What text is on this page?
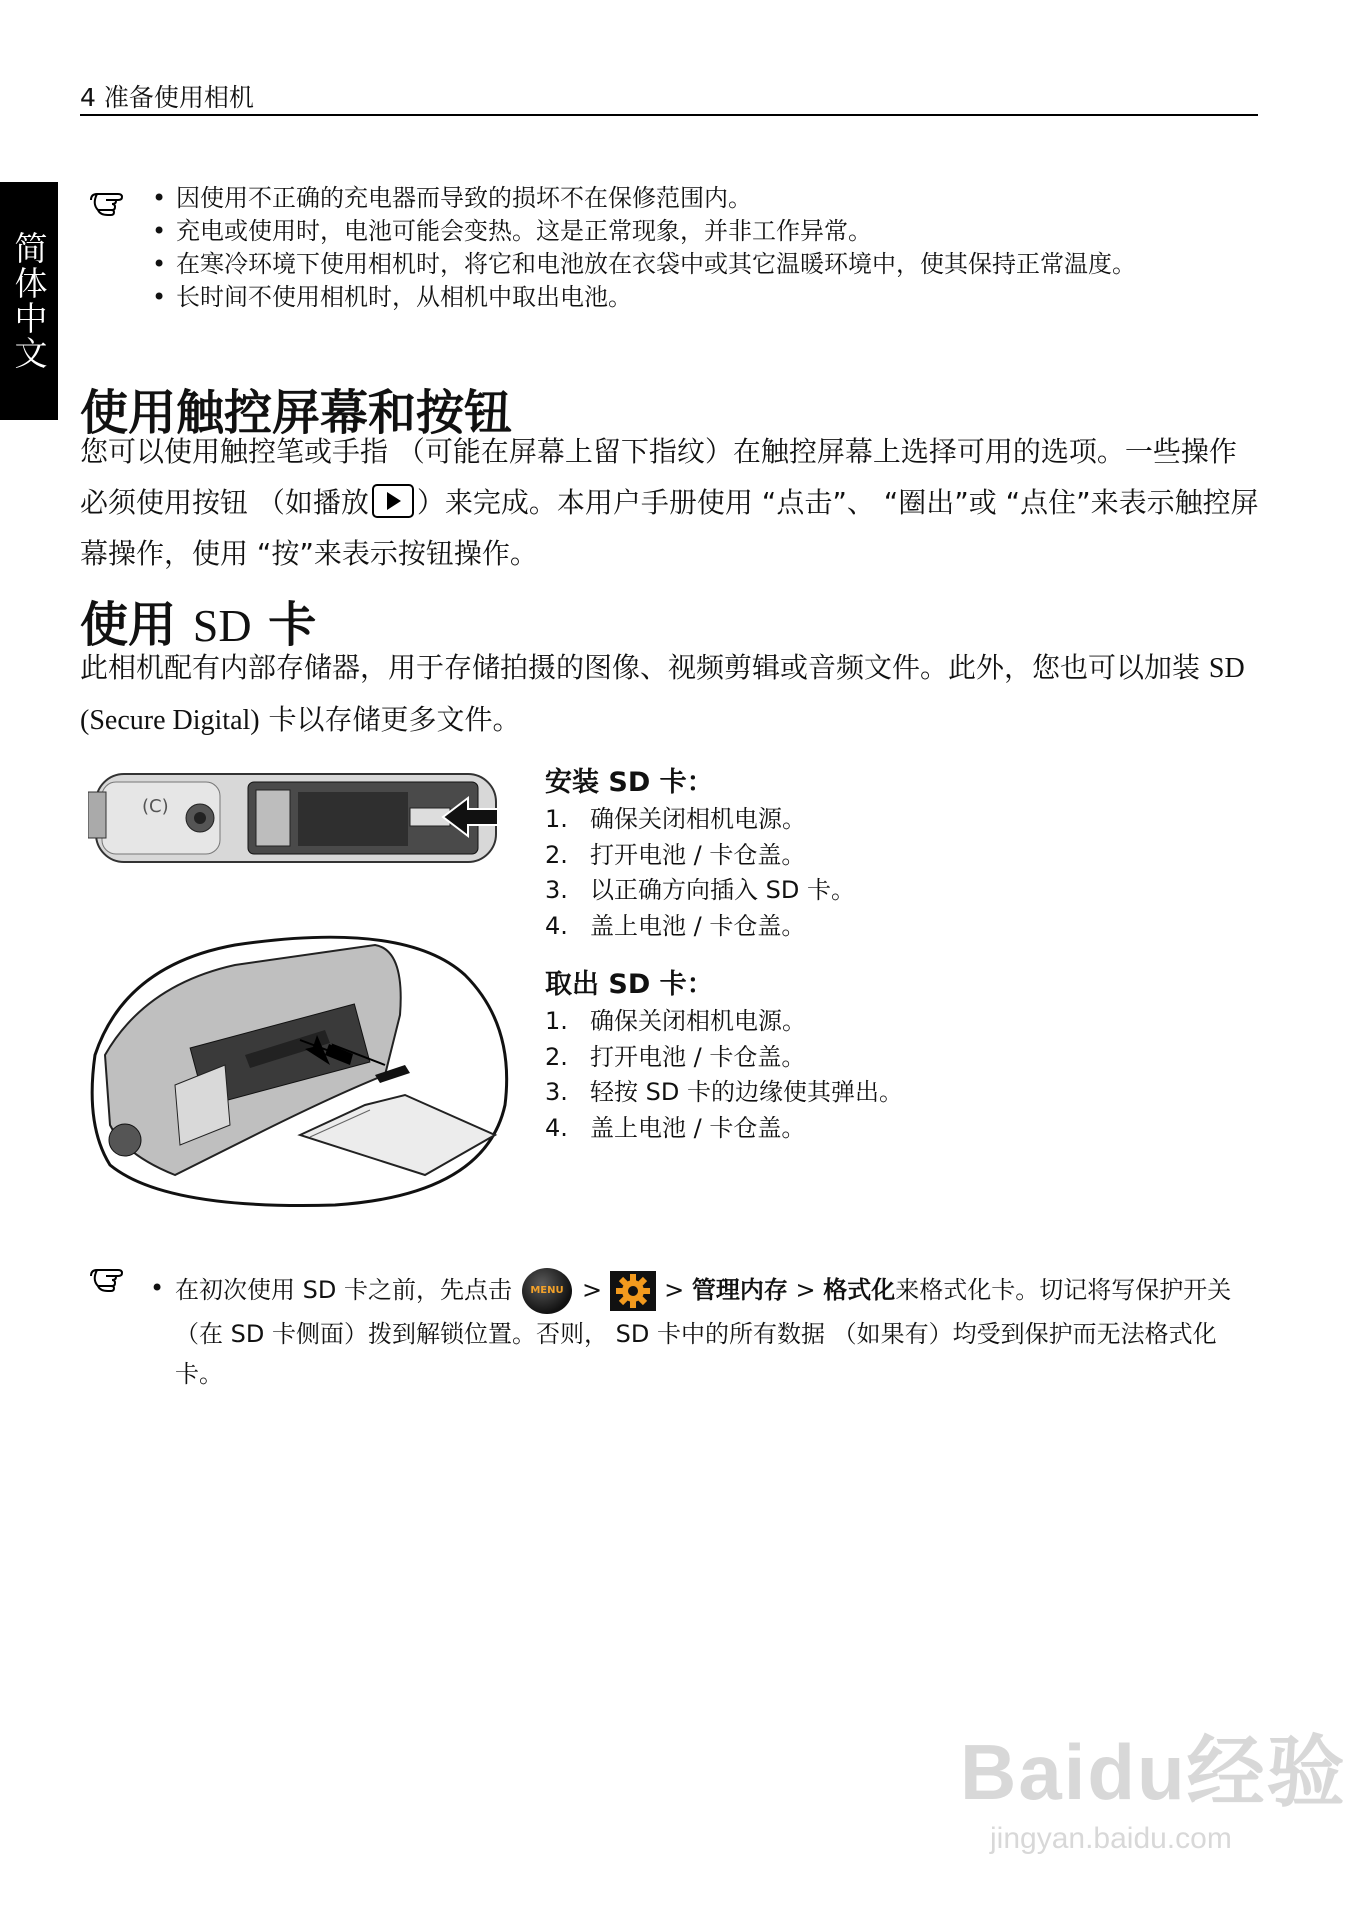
4 准备使用相机
简体中文
• 因使用不正确的充电器而导致的损坏不在保修范围内。
• 充电或使用时，电池可能会变热。这是正常现象，并非工作异常。
• 在寒冷环境下使用相机时，将它和电池放在衣袋中或其它温暖环境中，使其保持正常温度。
• 长时间不使用相机时，从相机中取出电池。
使用触控屏幕和按钮
您可以使用触控笔或手指 （可能在屏幕上留下指纹）在触控屏幕上选择可用的选项。一些操作必须使用按钮 （如播放 ）来完成。本用户手册使用 “点击”、 “圈出”或 “点住”来表示触控屏幕操作，使用 “按”来表示按钮操作。
使用 SD 卡
此相机配有内部存储器，用于存储拍摄的图像、视频剪辑或音频文件。此外，您也可以加装 SD (Secure Digital) 卡以存储更多文件。
(C)
安装 SD 卡：
1. 确保关闭相机电源。
2. 打开电池 / 卡仓盖。
3. 以正确方向插入 SD 卡。
4. 盖上电池 / 卡仓盖。
取出 SD 卡：
1. 确保关闭相机电源。
2. 打开电池 / 卡仓盖。
3. 轻按 SD 卡的边缘使其弹出。
4. 盖上电池 / 卡仓盖。
• 在初次使用 SD 卡之前，先点击 MENU >	> 管理内存 > 格式化来格式化卡。切记将写保护开关 （在 SD 卡侧面）拨到解锁位置。否则， SD 卡中的所有数据 （如果有）均受到保护而无法格式化卡。
Baidu经验
jingyan.baidu.com
